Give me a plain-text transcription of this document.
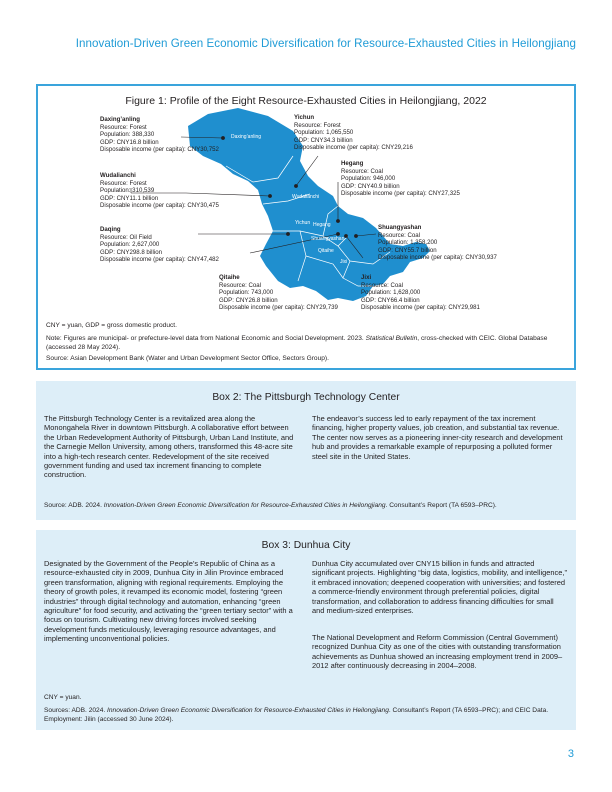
Innovation-Driven Green Economic Diversification for Resource-Exhausted Cities in Heilongjiang
Figure 1: Profile of the Eight Resource-Exhausted Cities in Heilongjiang, 2022
Daxing’anling
Wudalianchi
Yichun Hegang
Shuangyashan
Daqing
Qitaihe
Jixi
Daxing’anling
Resource: Forest
Population: 388,330
GDP: CNY16.8 billion
Disposable income (per capita): CNY30,752
Yichun
Resource: Forest
Population: 1,065,550
GDP: CNY34.3 billion
Disposable income (per capita): CNY29,216
Hegang
Resource: Coal
Population: 946,000
GDP: CNY40.9 billion
Disposable income (per capita): CNY27,325
Wudalianchi
Resource: Forest
Population: 310,539
GDP: CNY11.1 billion
Disposable income (per capita): CNY30,475
Daqing
Resource: Oil Field
Population: 2,627,000
GDP: CNY298.8 billion
Disposable income (per capita): CNY47,482
Shuangyashan
Resource: Coal
Population: 1,358,200
GDP: CNY55.7 billion
Disposable income (per capita): CNY30,937
Qitaihe
Resource: Coal
Population: 743,000
GDP: CNY26.8 billion
Disposable income (per capita): CNY29,739
Jixi
Resource: Coal
Population: 1,628,000
GDP: CNY66.4 billion
Disposable income (per capita): CNY29,981
CNY = yuan, GDP = gross domestic product.
Note: Figures are municipal- or prefecture-level data from National Economic and Social Development. 2023. Statistical Bulletin, cross-checked with CEIC. Global Database (accessed 28 May 2024).
Source: Asian Development Bank (Water and Urban Development Sector Office, Sectors Group).
Box 2: The Pittsburgh Technology Center
The Pittsburgh Technology Center is a revitalized area along the Monongahela River in downtown Pittsburgh. A collaborative effort between the Urban Redevelopment Authority of Pittsburgh, Urban Land Institute, and the Carnegie Mellon University, among others, transformed this 48-acre site into a high-tech research center. Redevelopment of the site received government funding and used tax increment financing to complete construction.
The endeavor’s success led to early repayment of the tax increment financing, higher property values, job creation, and substantial tax revenue. The center now serves as a pioneering inner-city research and development hub and provides a remarkable example of repurposing a polluted former steel site in the United States.
Source: ADB. 2024. Innovation-Driven Green Economic Diversification for Resource-Exhausted Cities in Heilongjiang. Consultant’s Report (TA 6593–PRC).
Box 3: Dunhua City
Designated by the Government of the People’s Republic of China as a resource-exhausted city in 2009, Dunhua City in Jilin Province embraced green transformation, aligning with regional requirements. Employing the theory of growth poles, it revamped its economic model, fostering “green industries” through digital technology and automation, enhancing “green agriculture” for food security, and activating the “green tertiary sector” with a focus on tourism. Cultivating new driving forces involved seeking development funds meticulously, leveraging resource advantages, and implementing unconventional policies.
Dunhua City accumulated over CNY15 billion in funds and attracted significant projects. Highlighting “big data, logistics, mobility, and intelligence,” it embraced innovation; deepened cooperation with universities; and fostered a commerce-friendly environment through preferential policies, digital transformation, and collaboration to address financing difficulties for small and medium-sized enterprises.
The National Development and Reform Commission (Central Government) recognized Dunhua City as one of the cities with outstanding transformation achievements as Dunhua showed an increasing employment trend in 2009–2012 after continuously decreasing in 2004–2008.
CNY = yuan.
Sources: ADB. 2024. Innovation-Driven Green Economic Diversification for Resource-Exhausted Cities in Heilongjiang. Consultant’s Report (TA 6593–PRC); and CEIC Data. Employment: Jilin (accessed 30 June 2024).
3
